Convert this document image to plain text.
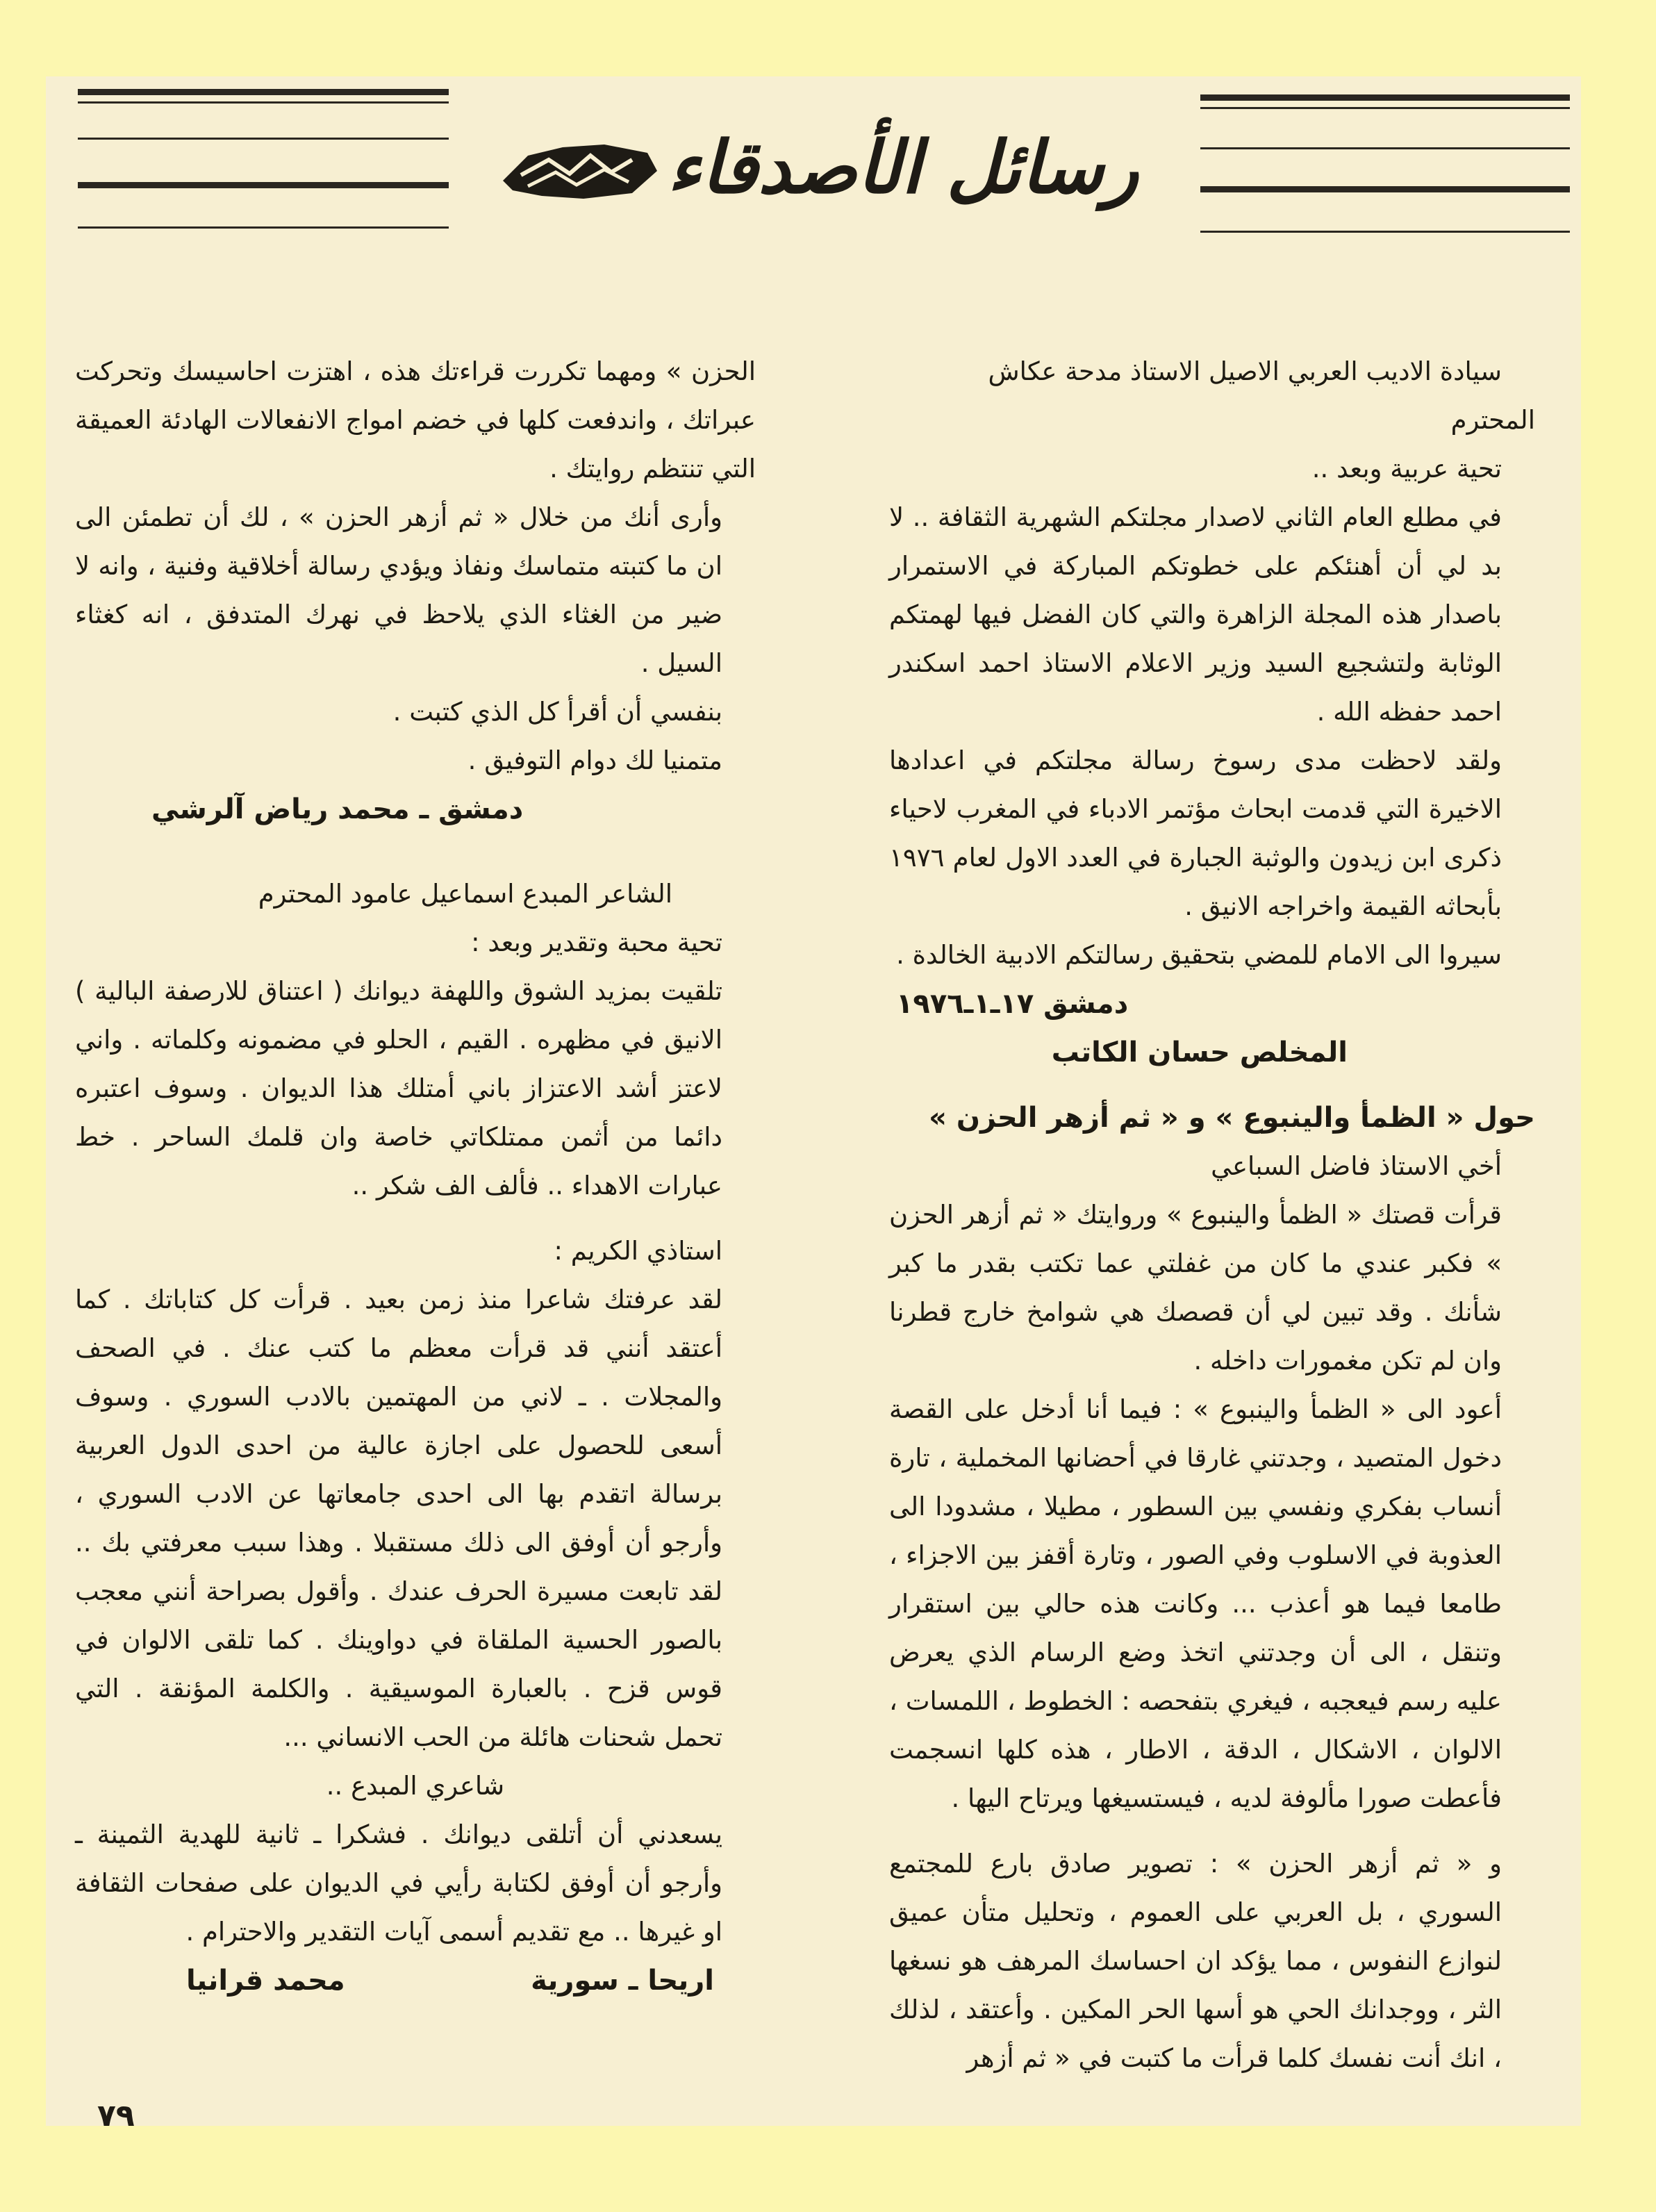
رسائل الأصدقاء

سيادة الاديب العربي الاصيل الاستاذ مدحة عكاش

المحترم

تحية عربية وبعد ..

في مطلع العام الثاني لاصدار مجلتكم الشهرية الثقافة .. لا بد لي أن أهنئكم على خطوتكم المباركة في الاستمرار باصدار هذه المجلة الزاهرة والتي كان الفضل فيها لهمتكم الوثابة ولتشجيع السيد وزير الاعلام الاستاذ احمد اسكندر احمد حفظه الله .

ولقد لاحظت مدى رسوخ رسالة مجلتكم في اعدادها الاخيرة التي قدمت ابحاث مؤتمر الادباء في المغرب لاحياء ذكرى ابن زيدون والوثبة الجبارة في العدد الاول لعام ١٩٧٦ بأبحاثه القيمة واخراجه الانيق .

سيروا الى الامام للمضي بتحقيق رسالتكم الادبية الخالدة .

دمشق ١٧ـ١ـ١٩٧٦

المخلص حسان الكاتب

حول « الظمأ والينبوع » و « ثم أزهر الحزن »

أخي الاستاذ فاضل السباعي

قرأت قصتك « الظمأ والينبوع » وروايتك « ثم أزهر الحزن » فكبر عندي ما كان من غفلتي عما تكتب بقدر ما كبر شأنك . وقد تبين لي أن قصصك هي شوامخ خارج قطرنا وان لم تكن مغمورات داخله .

أعود الى « الظمأ والينبوع » : فيما أنا أدخل على القصة دخول المتصيد ، وجدتني غارقا في أحضانها المخملية ، تارة أنساب بفكري ونفسي بين السطور ، مطيلا ، مشدودا الى العذوبة في الاسلوب وفي الصور ، وتارة أقفز بين الاجزاء ، طامعا فيما هو أعذب ... وكانت هذه حالي بين استقرار وتنقل ، الى أن وجدتني اتخذ وضع الرسام الذي يعرض عليه رسم فيعجبه ، فيغري بتفحصه : الخطوط ، اللمسات ، الالوان ، الاشكال ، الدقة ، الاطار ، هذه كلها انسجمت فأعطت صورا مألوفة لديه ، فيستسيغها ويرتاح اليها .

و « ثم أزهر الحزن » : تصوير صادق بارع للمجتمع السوري ، بل العربي على العموم ، وتحليل متأن عميق لنوازع النفوس ، مما يؤكد ان احساسك المرهف هو نسغها الثر ، ووجدانك الحي هو أسها الحر المكين . وأعتقد ، لذلك ، انك أنت نفسك كلما قرأت ما كتبت في « ثم أزهر

الحزن » ومهما تكررت قراءتك هذه ، اهتزت احاسيسك وتحركت عبراتك ، واندفعت كلها في خضم امواج الانفعالات الهادئة العميقة التي تنتظم روايتك .

وأرى أنك من خلال « ثم أزهر الحزن » ، لك أن تطمئن الى ان ما كتبته متماسك ونفاذ ويؤدي رسالة أخلاقية وفنية ، وانه لا ضير من الغثاء الذي يلاحظ في نهرك المتدفق ، انه كغثاء السيل .

بنفسي أن أقرأ كل الذي كتبت .

متمنيا لك دوام التوفيق .

دمشق ـ محمد رياض آلرشي

الشاعر المبدع اسماعيل عامود المحترم

تحية محبة وتقدير وبعد :

تلقيت بمزيد الشوق واللهفة ديوانك ( اعتناق للارصفة البالية ) الانيق في مظهره . القيم ، الحلو في مضمونه وكلماته . واني لاعتز أشد الاعتزاز باني أمتلك هذا الديوان . وسوف اعتبره دائما من أثمن ممتلكاتي خاصة وان قلمك الساحر . خط عبارات الاهداء .. فألف الف شكر ..

استاذي الكريم :

لقد عرفتك شاعرا منذ زمن بعيد . قرأت كل كتاباتك . كما أعتقد أنني قد قرأت معظم ما كتب عنك . في الصحف والمجلات . ـ لاني من المهتمين بالادب السوري . وسوف أسعى للحصول على اجازة عالية من احدى الدول العربية برسالة اتقدم بها الى احدى جامعاتها عن الادب السوري ، وأرجو أن أوفق الى ذلك مستقبلا . وهذا سبب معرفتي بك .. لقد تابعت مسيرة الحرف عندك . وأقول بصراحة أنني معجب بالصور الحسية الملقاة في دواوينك . كما تلقى الالوان في قوس قزح . بالعبارة الموسيقية . والكلمة المؤنقة . التي تحمل شحنات هائلة من الحب الانساني ...

شاعري المبدع ..

يسعدني أن أتلقى ديوانك . فشكرا ـ ثانية للهدية الثمينة ـ وأرجو أن أوفق لكتابة رأيي في الديوان على صفحات الثقافة او غيرها .. مع تقديم أسمى آيات التقدير والاحترام .

اريحا ـ سورية
محمد قرانيا
٧٩
